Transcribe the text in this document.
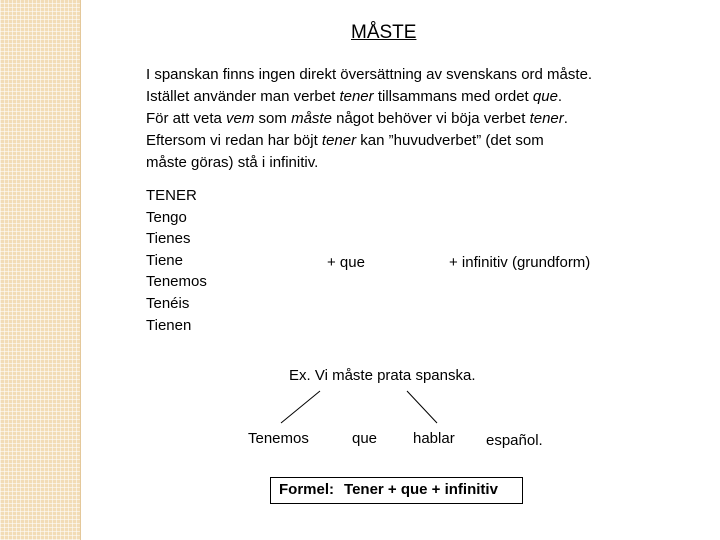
MÅSTE
I spanskan finns ingen direkt översättning av svenskans ord måste.
Istället använder man verbet tener tillsammans med ordet que.
För att veta vem som måste något behöver vi böja verbet tener.
Eftersom vi redan har böjt tener kan ”huvudverbet” (det som
måste göras) stå i infinitiv.
TENER
Tengo
Tienes
Tiene
Tenemos
Tenéis
Tienen
+ que	+ infinitiv (grundform)
Ex. Vi måste prata spanska.
Tenemos	que hablar español.
Formel: Tener + que + infinitiv
